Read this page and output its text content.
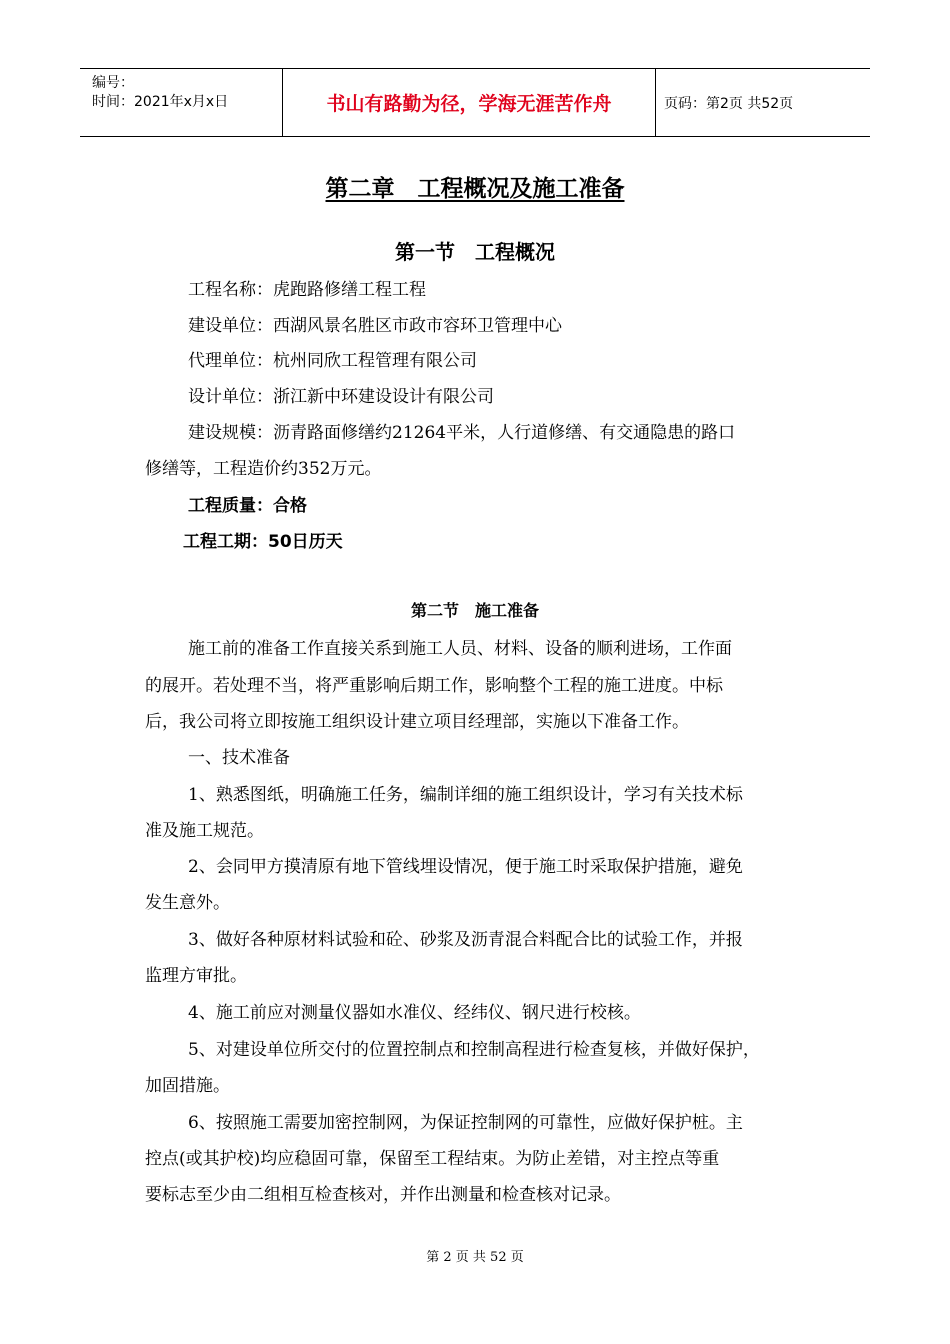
编号：
时间：2021年x月x日	书山有路勤为径，学海无涯苦作舟	页码：第2页 共52页
第二章　工程概况及施工准备
第一节　工程概况
工程名称：虎跑路修缮工程工程
建设单位：西湖风景名胜区市政市容环卫管理中心
代理单位：杭州同欣工程管理有限公司
设计单位：浙江新中环建设设计有限公司
建设规模：沥青路面修缮约21264平米，人行道修缮、有交通隐患的路口
修缮等，工程造价约352万元。
工程质量：合格
工程工期：50日历天
第二节　施工准备
施工前的准备工作直接关系到施工人员、材料、设备的顺利进场，工作面
的展开。若处理不当，将严重影响后期工作，影响整个工程的施工进度。中标
后，我公司将立即按施工组织设计建立项目经理部，实施以下准备工作。
一、技术准备
1、熟悉图纸，明确施工任务，编制详细的施工组织设计，学习有关技术标
准及施工规范。
2、会同甲方摸清原有地下管线埋设情况，便于施工时采取保护措施，避免
发生意外。
3、做好各种原材料试验和砼、砂浆及沥青混合料配合比的试验工作，并报
监理方审批。
4、施工前应对测量仪器如水准仪、经纬仪、钢尺进行校核。
5、对建设单位所交付的位置控制点和控制高程进行检查复核，并做好保护，
加固措施。
6、按照施工需要加密控制网，为保证控制网的可靠性，应做好保护桩。主
控点(或其护校)均应稳固可靠，保留至工程结束。为防止差错，对主控点等重
要标志至少由二组相互检查核对，并作出测量和检查核对记录。
第 2 页 共 52 页
